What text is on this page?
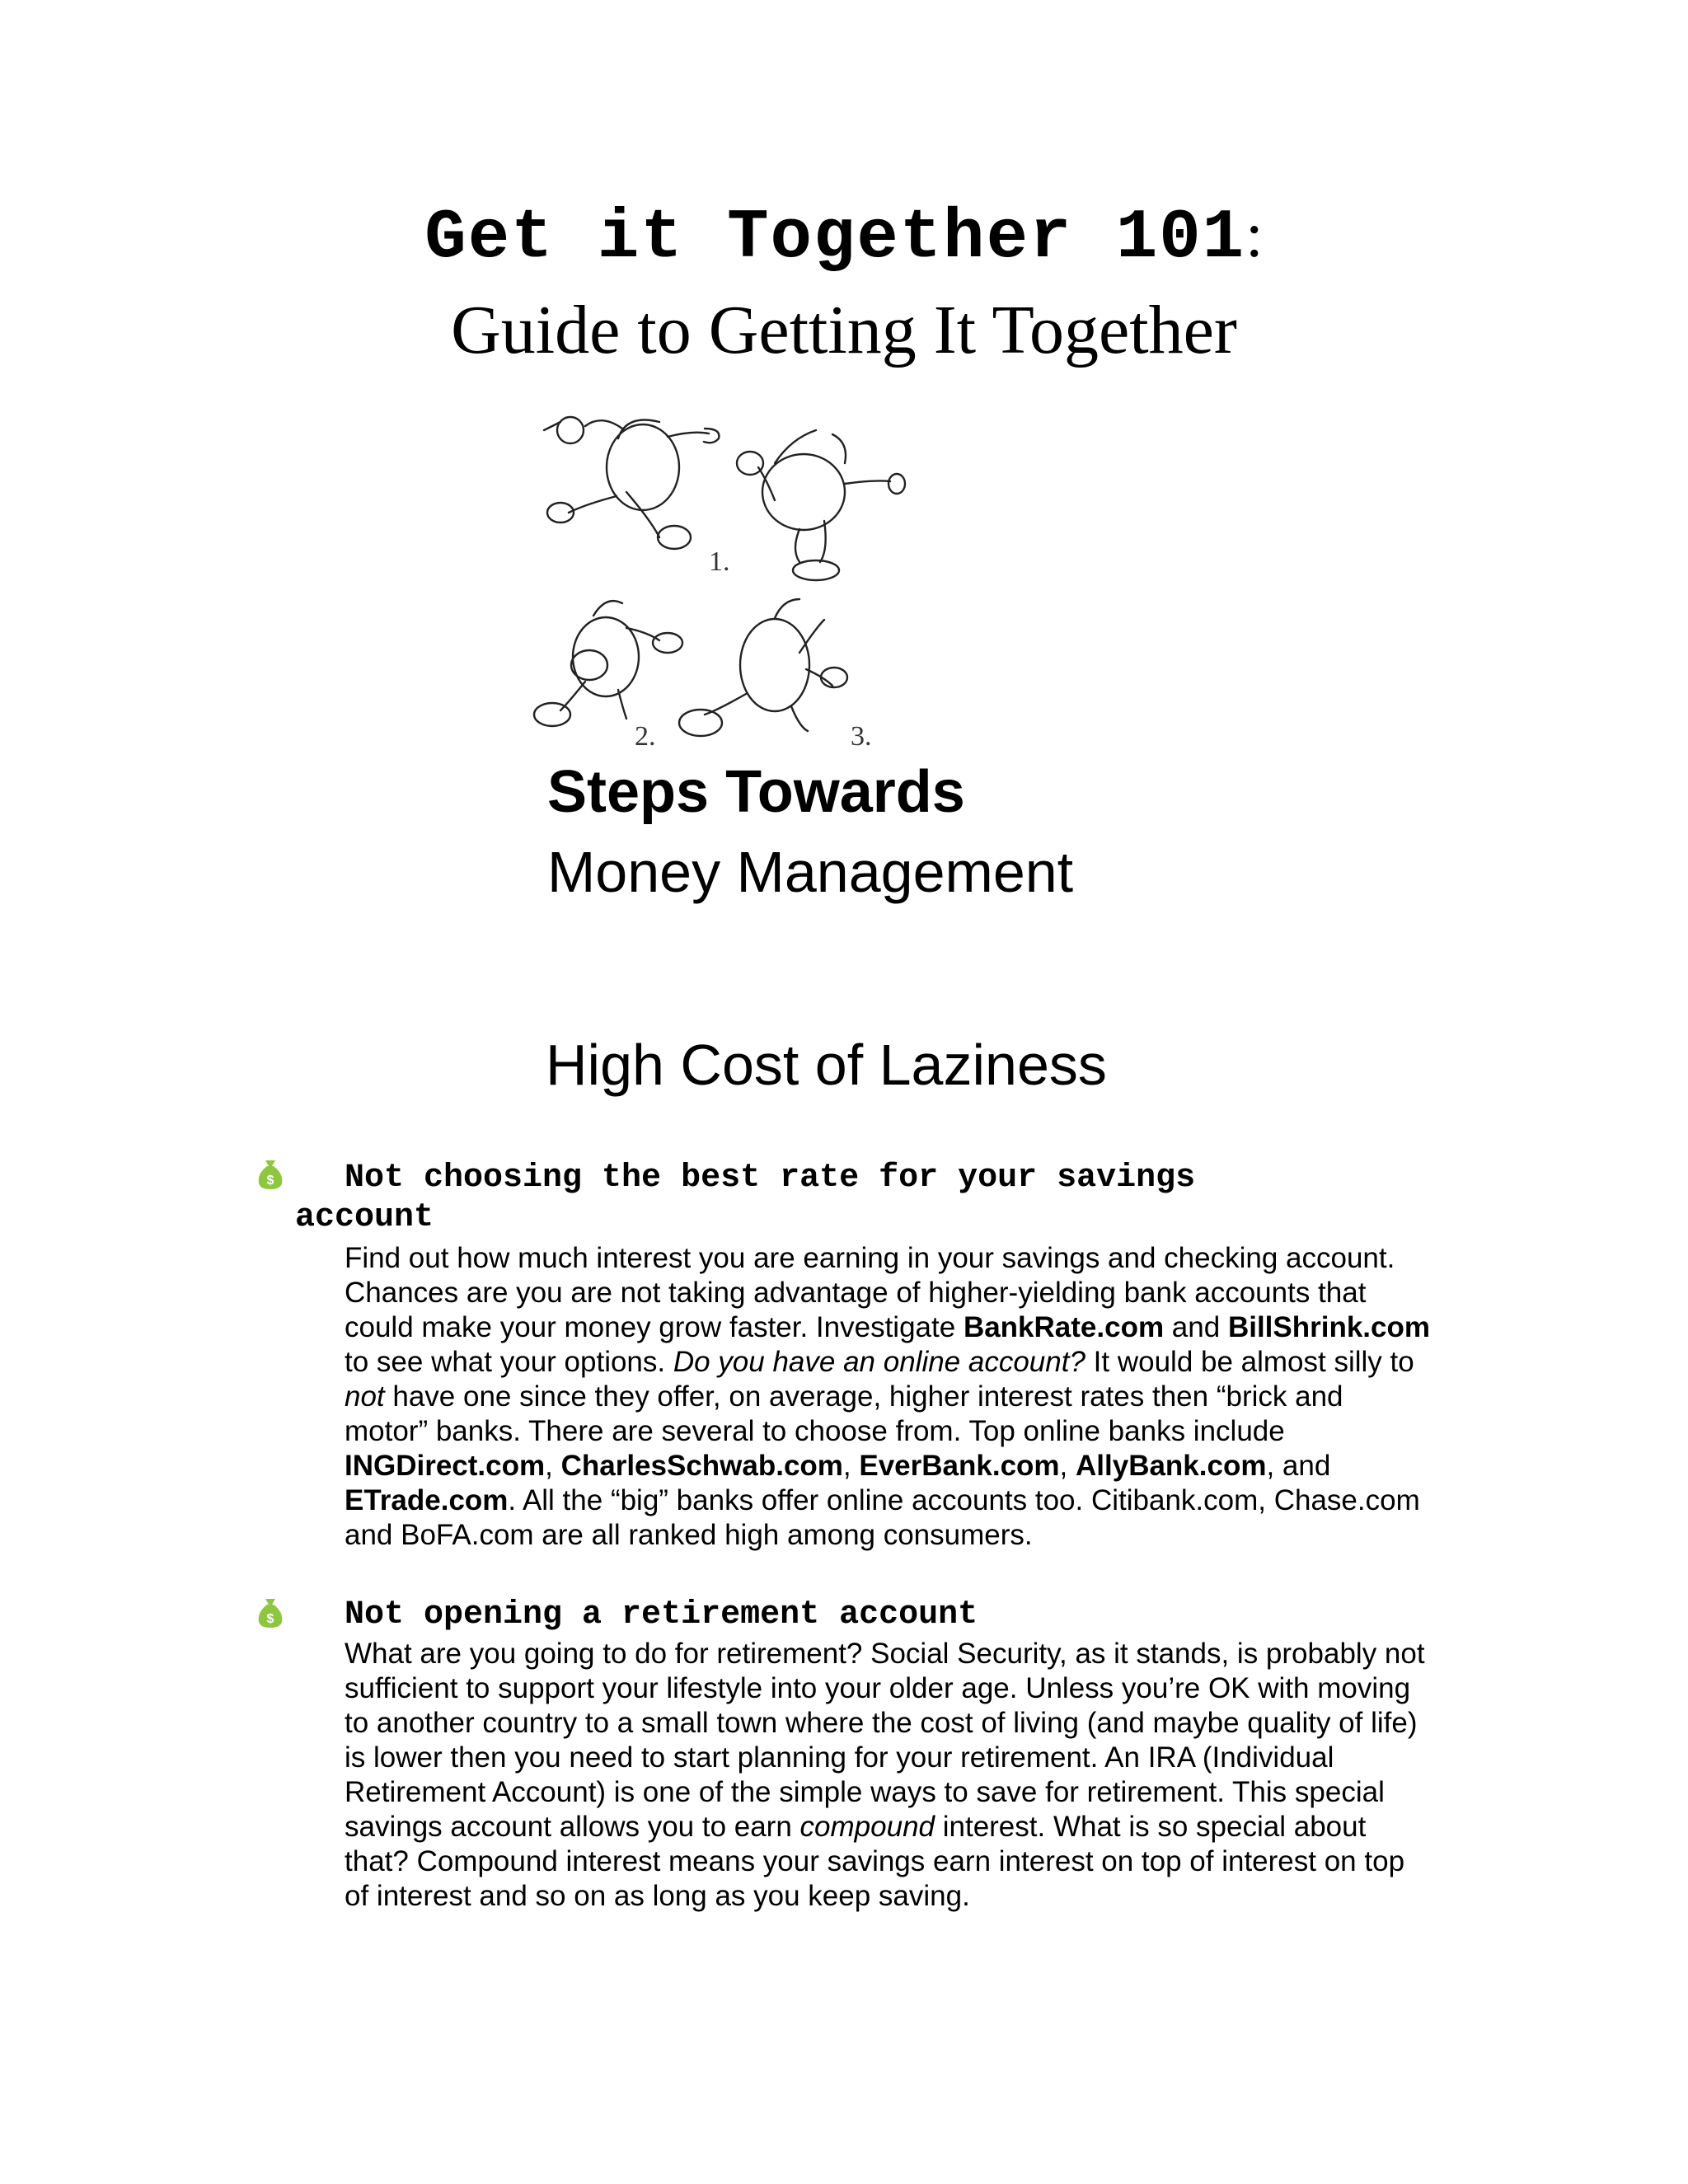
Get it Together 101:
Guide to Getting It Together
1.
2.	3.
Steps Towards
Money Management
High Cost of Laziness
$ Not choosing the best rate for your savings
account
Find out how much interest you are earning in your savings and checking account. Chances are you are not taking advantage of higher-yielding bank accounts that could make your money grow faster. Investigate BankRate.com and BillShrink.com to see what your options. Do you have an online account? It would be almost silly to not have one since they offer, on average, higher interest rates then “brick and motor” banks. There are several to choose from. Top online banks include INGDirect.com, CharlesSchwab.com, EverBank.com, AllyBank.com, and ETrade.com. All the “big” banks offer online accounts too. Citibank.com, Chase.com and BoFA.com are all ranked high among consumers.
$ Not opening a retirement account
What are you going to do for retirement? Social Security, as it stands, is probably not sufficient to support your lifestyle into your older age. Unless you’re OK with moving to another country to a small town where the cost of living (and maybe quality of life) is lower then you need to start planning for your retirement. An IRA (Individual Retirement Account) is one of the simple ways to save for retirement. This special savings account allows you to earn compound interest. What is so special about that? Compound interest means your savings earn interest on top of interest on top of interest and so on as long as you keep saving.
